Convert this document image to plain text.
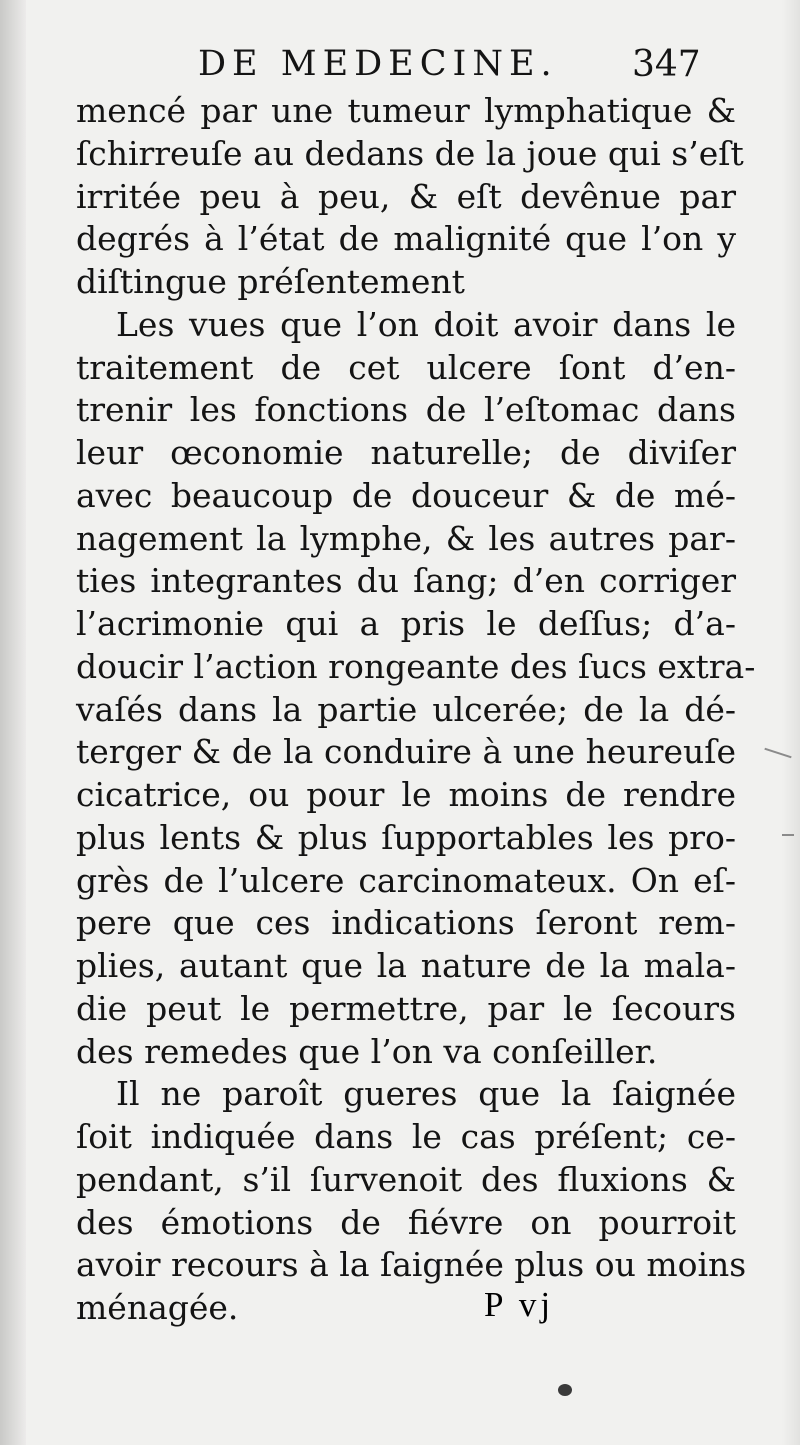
DE MEDECINE. 347
mencé par une tumeur lymphatique &
ſchirreuſe au dedans de la joue qui s’eſt
irritée peu à peu, & eſt devênue par
degrés à l’état de malignité que l’on y
diſtingue préſentement
Les vues que l’on doit avoir dans le
traitement de cet ulcere ſont d’en-
trenir les fonctions de l’eſtomac dans
leur œconomie naturelle; de diviſer
avec beaucoup de douceur & de mé-
nagement la lymphe, & les autres par-
ties integrantes du ſang; d’en corriger
l’acrimonie qui a pris le deſſus; d’a-
doucir l’action rongeante des ſucs extra-
vaſés dans la partie ulcerée; de la dé-
terger & de la conduire à une heureuſe
cicatrice, ou pour le moins de rendre
plus lents & plus ſupportables les pro-
grès de l’ulcere carcinomateux. On eſ-
pere que ces indications ſeront rem-
plies, autant que la nature de la mala-
die peut le permettre, par le ſecours
des remedes que l’on va conſeiller.
Il ne paroît gueres que la ſaignée
ſoit indiquée dans le cas préſent; ce-
pendant, s’il ſurvenoit des fluxions &
des émotions de fiévre on pourroit
avoir recours à la ſaignée plus ou moins
ménagée.	P vj
